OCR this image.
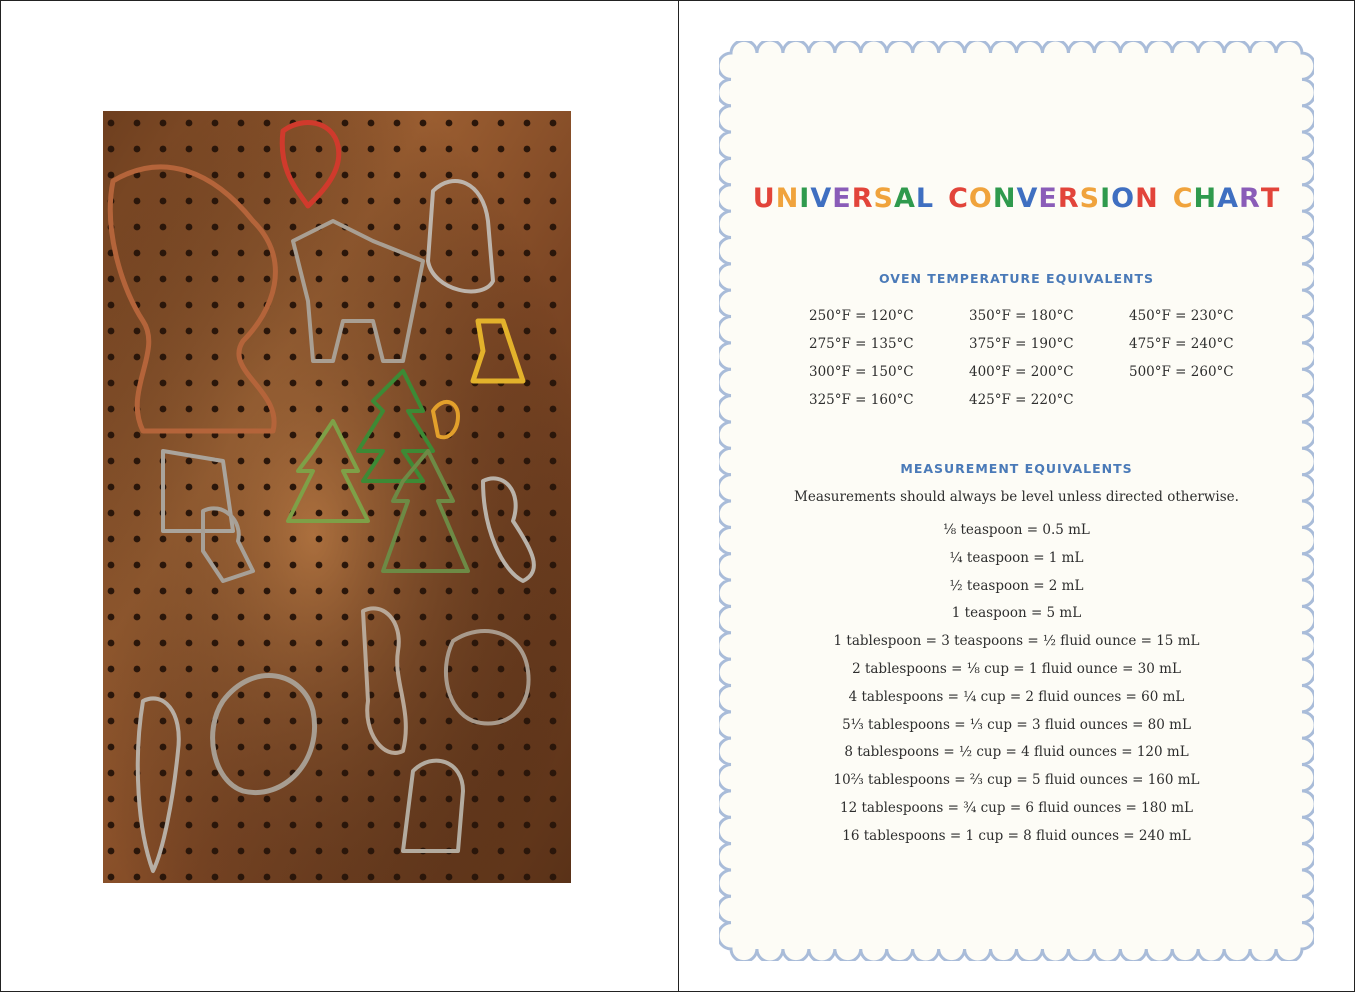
UNIVERSAL CONVERSION CHART
OVEN TEMPERATURE EQUIVALENTS
250°F = 120°C	350°F = 180°C	450°F = 230°C
275°F = 135°C	375°F = 190°C	475°F = 240°C
300°F = 150°C	400°F = 200°C	500°F = 260°C
325°F = 160°C	425°F = 220°C
MEASUREMENT EQUIVALENTS
Measurements should always be level unless directed otherwise.
⅛ teaspoon = 0.5 mL
¼ teaspoon = 1 mL
½ teaspoon = 2 mL
1 teaspoon = 5 mL
1 tablespoon = 3 teaspoons = ½ fluid ounce = 15 mL
2 tablespoons = ⅛ cup = 1 fluid ounce = 30 mL
4 tablespoons = ¼ cup = 2 fluid ounces = 60 mL
5⅓ tablespoons = ⅓ cup = 3 fluid ounces = 80 mL
8 tablespoons = ½ cup = 4 fluid ounces = 120 mL
10⅔ tablespoons = ⅔ cup = 5 fluid ounces = 160 mL
12 tablespoons = ¾ cup = 6 fluid ounces = 180 mL
16 tablespoons = 1 cup = 8 fluid ounces = 240 mL
